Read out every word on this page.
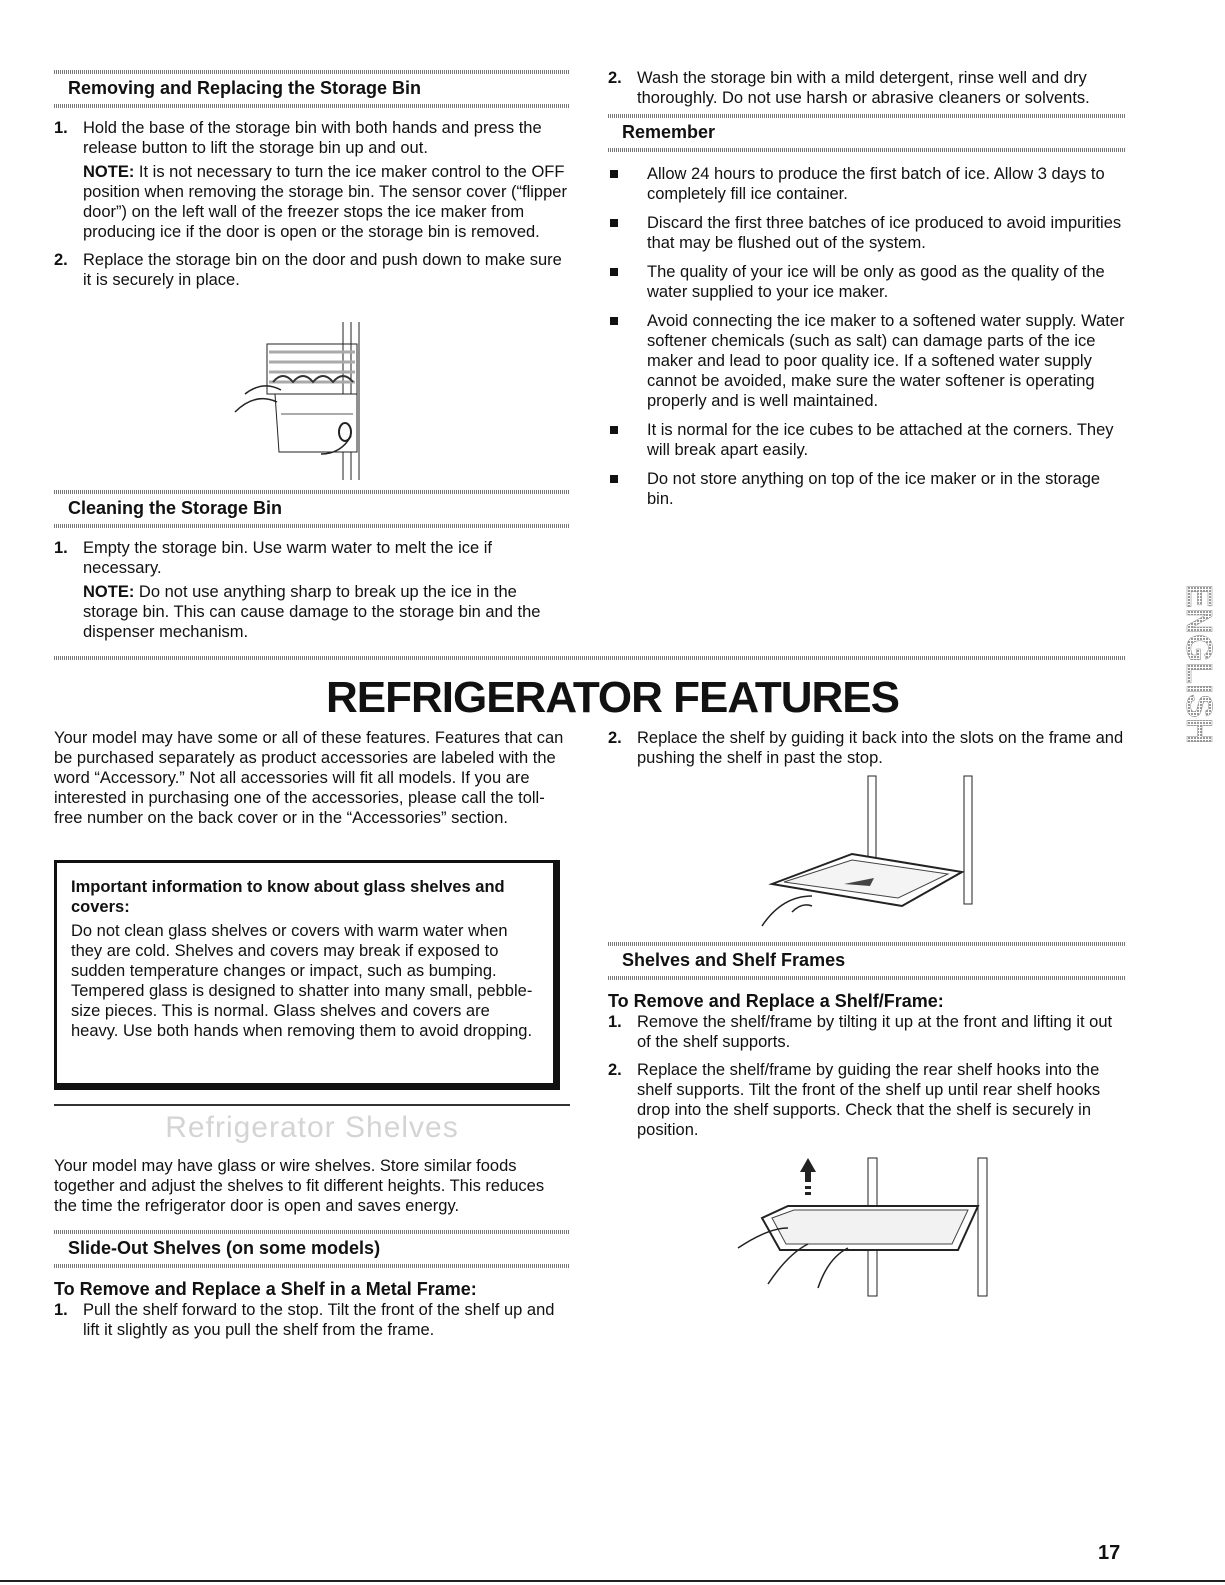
Removing and Replacing the Storage Bin
1. Hold the base of the storage bin with both hands and press the release button to lift the storage bin up and out.
NOTE: It is not necessary to turn the ice maker control to the OFF position when removing the storage bin. The sensor cover (“flipper door”) on the left wall of the freezer stops the ice maker from producing ice if the door is open or the storage bin is removed.
2. Replace the storage bin on the door and push down to make sure it is securely in place.
Cleaning the Storage Bin
1. Empty the storage bin. Use warm water to melt the ice if necessary.
NOTE: Do not use anything sharp to break up the ice in the storage bin. This can cause damage to the storage bin and the dispenser mechanism.
2. Wash the storage bin with a mild detergent, rinse well and dry thoroughly. Do not use harsh or abrasive cleaners or solvents.
Remember
Allow 24 hours to produce the first batch of ice. Allow 3 days to completely fill ice container.
Discard the first three batches of ice produced to avoid impurities that may be flushed out of the system.
The quality of your ice will be only as good as the quality of the water supplied to your ice maker.
Avoid connecting the ice maker to a softened water supply. Water softener chemicals (such as salt) can damage parts of the ice maker and lead to poor quality ice. If a softened water supply cannot be avoided, make sure the water softener is operating properly and is well maintained.
It is normal for the ice cubes to be attached at the corners. They will break apart easily.
Do not store anything on top of the ice maker or in the storage bin.
ENGLISH
REFRIGERATOR FEATURES
Your model may have some or all of these features. Features that can be purchased separately as product accessories are labeled with the word “Accessory.” Not all accessories will fit all models. If you are interested in purchasing one of the accessories, please call the toll-free number on the back cover or in the “Accessories” section.
Important information to know about glass shelves and covers:
Do not clean glass shelves or covers with warm water when they are cold. Shelves and covers may break if exposed to sudden temperature changes or impact, such as bumping. Tempered glass is designed to shatter into many small, pebble-size pieces. This is normal. Glass shelves and covers are heavy. Use both hands when removing them to avoid dropping.
Refrigerator Shelves
Your model may have glass or wire shelves. Store similar foods together and adjust the shelves to fit different heights. This reduces the time the refrigerator door is open and saves energy.
Slide-Out Shelves (on some models)
To Remove and Replace a Shelf in a Metal Frame:
1. Pull the shelf forward to the stop. Tilt the front of the shelf up and lift it slightly as you pull the shelf from the frame.
2. Replace the shelf by guiding it back into the slots on the frame and pushing the shelf in past the stop.
Shelves and Shelf Frames
To Remove and Replace a Shelf/Frame:
1. Remove the shelf/frame by tilting it up at the front and lifting it out of the shelf supports.
2. Replace the shelf/frame by guiding the rear shelf hooks into the shelf supports. Tilt the front of the shelf up until rear shelf hooks drop into the shelf supports. Check that the shelf is securely in position.
17
